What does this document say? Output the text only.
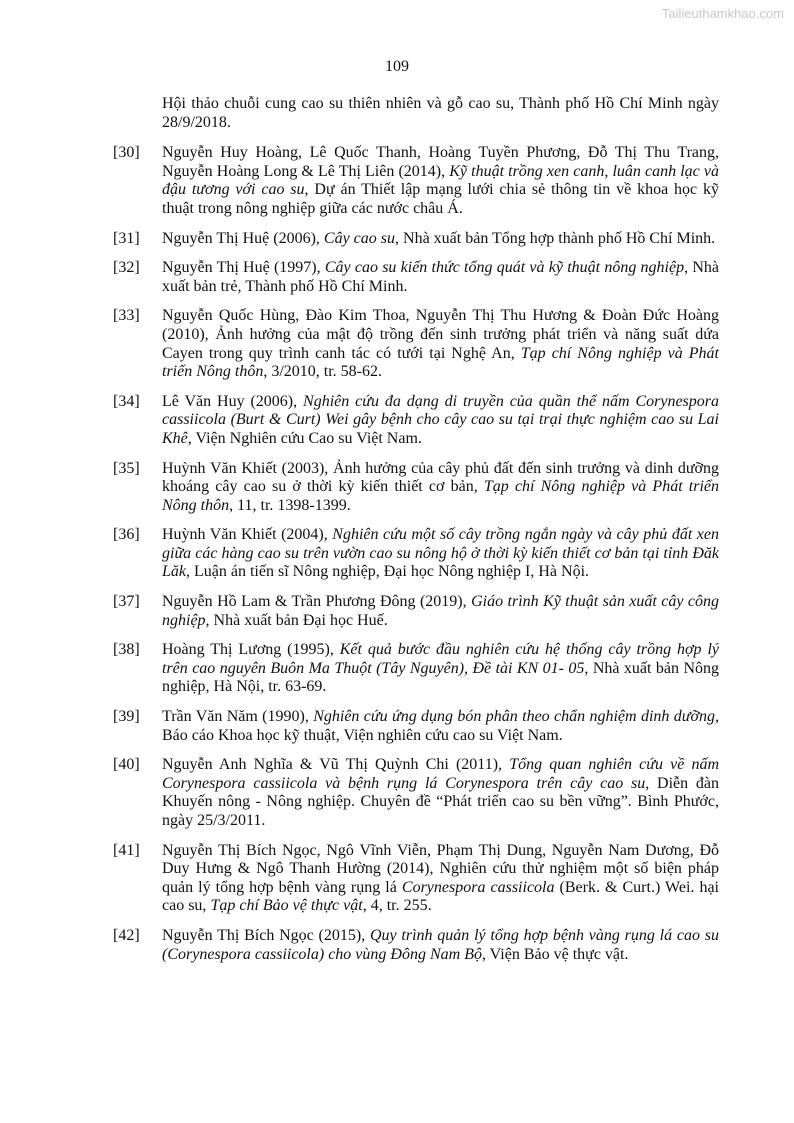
Tailieuthamkhao.com
109
Hội thảo chuỗi cung cao su thiên nhiên và gỗ cao su, Thành phố Hồ Chí Minh ngày 28/9/2018.
[30] Nguyễn Huy Hoàng, Lê Quốc Thanh, Hoàng Tuyền Phương, Đỗ Thị Thu Trang, Nguyễn Hoàng Long & Lê Thị Liên (2014), Kỹ thuật trồng xen canh, luân canh lạc và đậu tương với cao su, Dự án Thiết lập mạng lưới chia sẻ thông tin về khoa học kỹ thuật trong nông nghiệp giữa các nước châu Á.
[31] Nguyễn Thị Huệ (2006), Cây cao su, Nhà xuất bản Tổng hợp thành phố Hồ Chí Minh.
[32] Nguyễn Thị Huệ (1997), Cây cao su kiến thức tổng quát và kỹ thuật nông nghiệp, Nhà xuất bản trẻ, Thành phố Hồ Chí Minh.
[33] Nguyễn Quốc Hùng, Đào Kim Thoa, Nguyễn Thị Thu Hương & Đoàn Đức Hoàng (2010), Ảnh hưởng của mật độ trồng đến sinh trưởng phát triển và năng suất dứa Cayen trong quy trình canh tác có tưới tại Nghệ An, Tạp chí Nông nghiệp và Phát triển Nông thôn, 3/2010, tr. 58-62.
[34] Lê Văn Huy (2006), Nghiên cứu đa dạng di truyền của quần thể nấm Corynespora cassiicola (Burt & Curt) Wei gây bệnh cho cây cao su tại trại thực nghiệm cao su Lai Khê, Viện Nghiên cứu Cao su Việt Nam.
[35] Huỳnh Văn Khiết (2003), Ảnh hưởng của cây phủ đất đến sinh trưởng và dinh dưỡng khoáng cây cao su ở thời kỳ kiến thiết cơ bản, Tạp chí Nông nghiệp và Phát triển Nông thôn, 11, tr. 1398-1399.
[36] Huỳnh Văn Khiết (2004), Nghiên cứu một số cây trồng ngắn ngày và cây phủ đất xen giữa các hàng cao su trên vườn cao su nông hộ ở thời kỳ kiến thiết cơ bản tại tỉnh Đăk Lăk, Luận án tiến sĩ Nông nghiệp, Đại học Nông nghiệp I, Hà Nội.
[37] Nguyễn Hồ Lam & Trần Phương Đông (2019), Giáo trình Kỹ thuật sản xuất cây công nghiệp, Nhà xuất bản Đại học Huế.
[38] Hoàng Thị Lương (1995), Kết quả bước đầu nghiên cứu hệ thống cây trồng hợp lý trên cao nguyên Buôn Ma Thuột (Tây Nguyên), Đề tài KN 01- 05, Nhà xuất bản Nông nghiệp, Hà Nội, tr. 63-69.
[39] Trần Văn Năm (1990), Nghiên cứu ứng dụng bón phân theo chẩn nghiệm dinh dưỡng, Báo cáo Khoa học kỹ thuật, Viện nghiên cứu cao su Việt Nam.
[40] Nguyễn Anh Nghĩa & Vũ Thị Quỳnh Chi (2011), Tổng quan nghiên cứu về nấm Corynespora cassiicola và bệnh rụng lá Corynespora trên cây cao su, Diễn đàn Khuyến nông - Nông nghiệp. Chuyên đề “Phát triển cao su bền vững”. Bình Phước, ngày 25/3/2011.
[41] Nguyễn Thị Bích Ngọc, Ngô Vĩnh Viễn, Phạm Thị Dung, Nguyễn Nam Dương, Đỗ Duy Hưng & Ngô Thanh Hường (2014), Nghiên cứu thử nghiệm một số biện pháp quản lý tổng hợp bệnh vàng rụng lá Corynespora cassiicola (Berk. & Curt.) Wei. hại cao su, Tạp chí Bảo vệ thực vật, 4, tr. 255.
[42] Nguyễn Thị Bích Ngọc (2015), Quy trình quản lý tổng hợp bệnh vàng rụng lá cao su (Corynespora cassiicola) cho vùng Đông Nam Bộ, Viện Bảo vệ thực vật.
